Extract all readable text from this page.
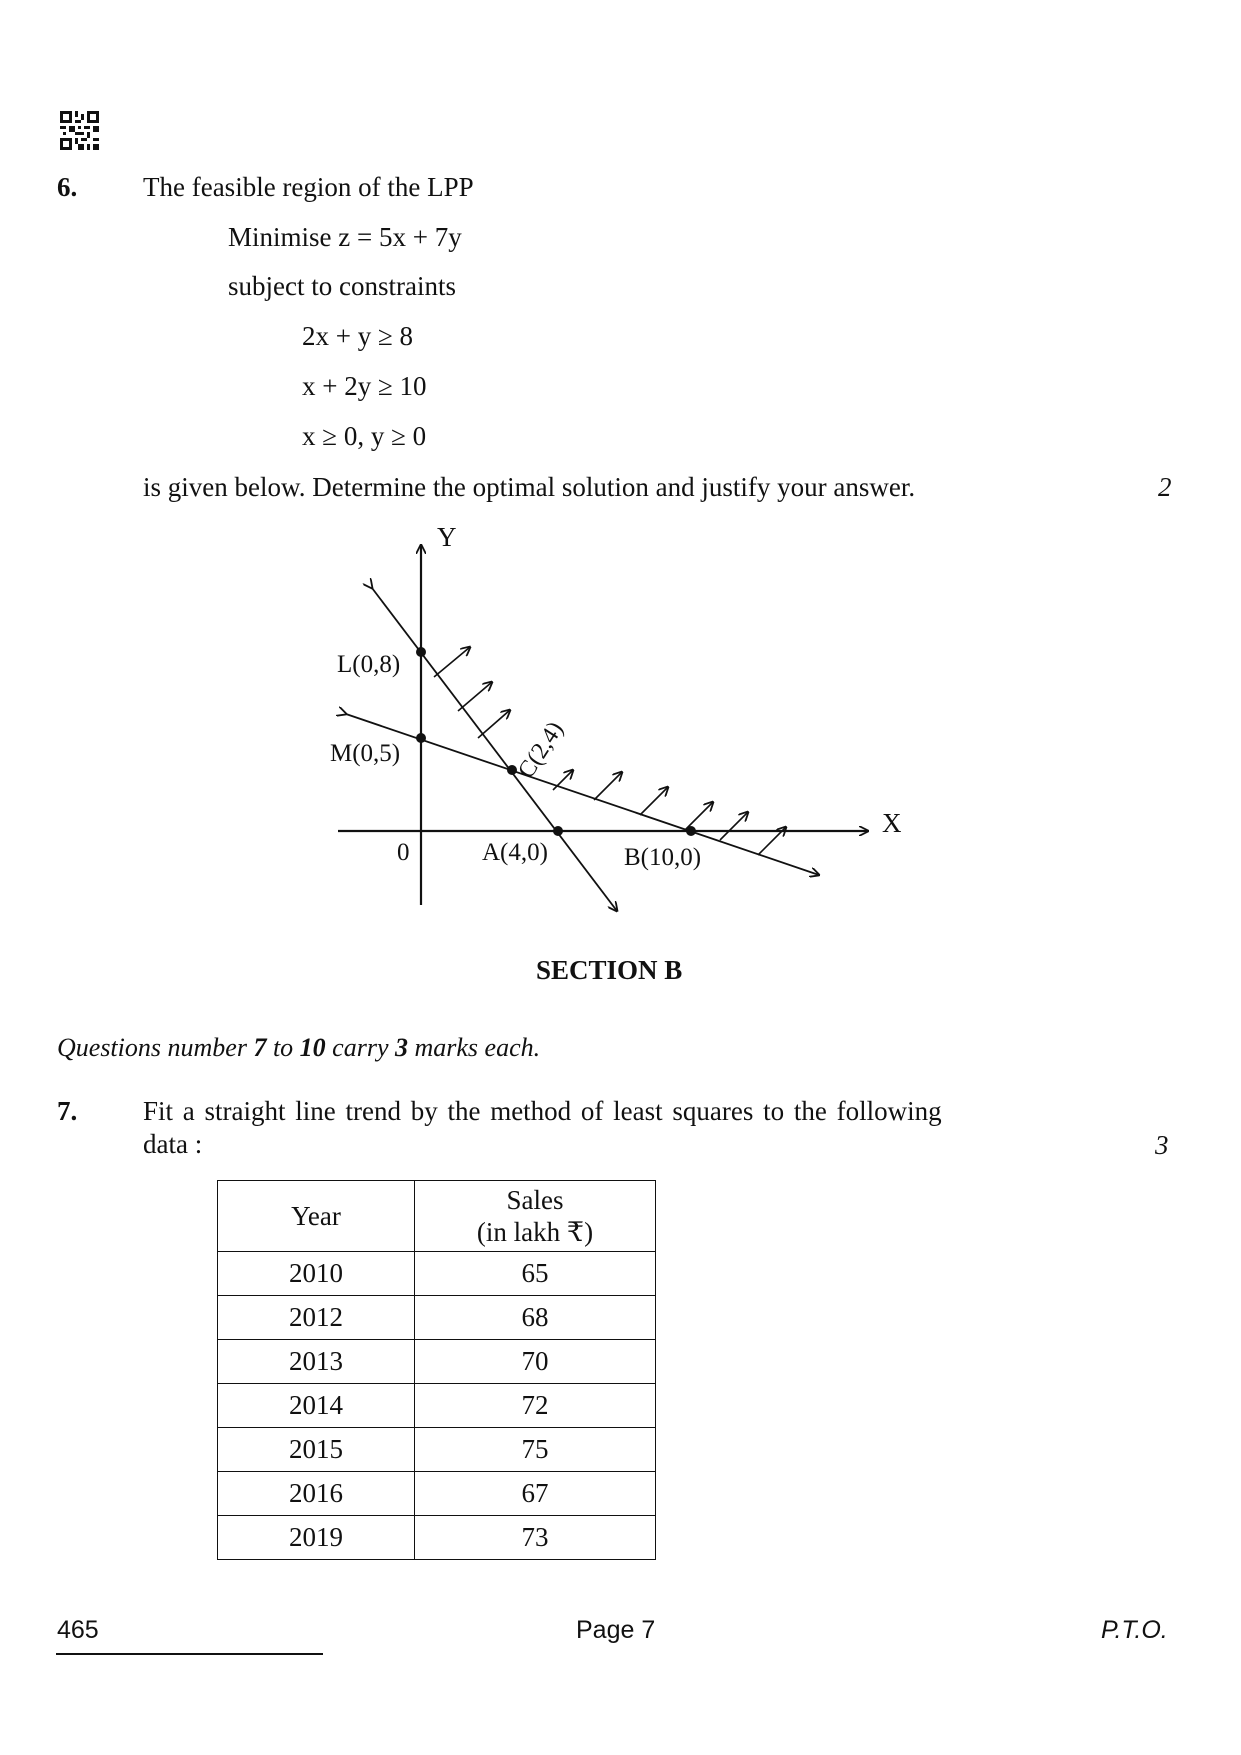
6. The feasible region of the LPP
Minimise z = 5x + 7y
subject to constraints
2x + y ≥ 8
x + 2y ≥ 10
x ≥ 0, y ≥ 0
is given below. Determine the optimal solution and justify your answer.	2
Y
X
0
L(0,8)
M(0,5)	C(2,4)
A(4,0)	B(10,0)
SECTION B
Questions number 7 to 10 carry 3 marks each.
7. Fit a straight line trend by the method of least squares to the following
data :	3
Year	Sales
(in lakh ₹)
2010	65
2012	68
2013	70
2014	72
2015	75
2016	67
2019	73
465	Page 7	P.T.O.
